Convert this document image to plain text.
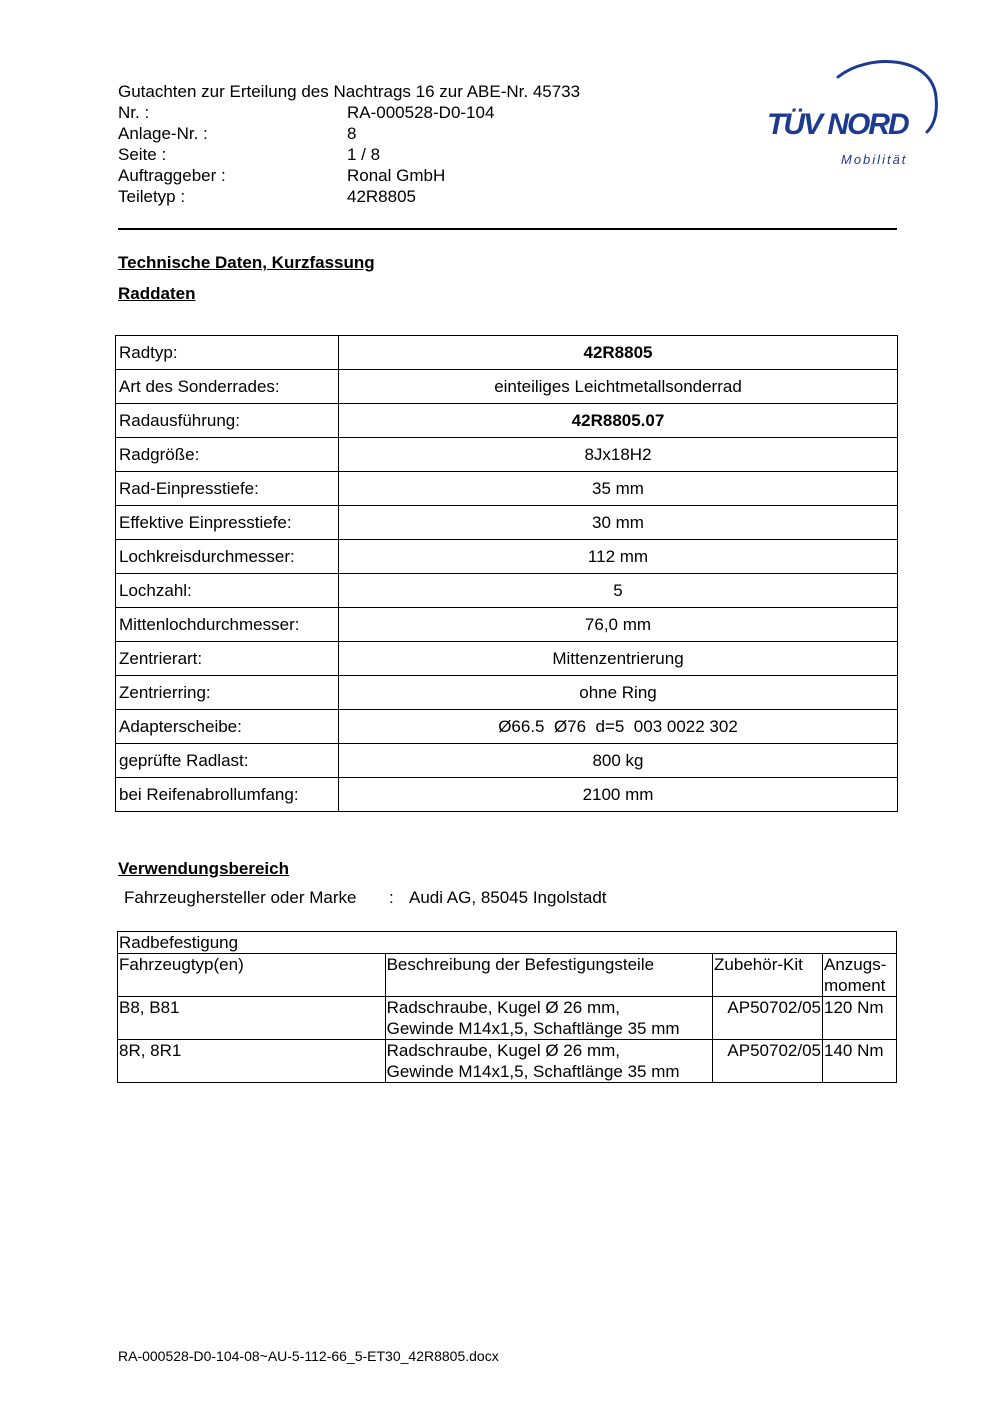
Gutachten zur Erteilung des Nachtrags 16 zur ABE-Nr. 45733
Nr. :	RA-000528-D0-104
Anlage-Nr. :	8
Seite :	1 / 8
Auftraggeber :	Ronal GmbH
Teiletyp :	42R8805
TÜV NORD
Mobilität
Technische Daten, Kurzfassung
Raddaten
Radtyp:	42R8805
Art des Sonderrades:	einteiliges Leichtmetallsonderrad
Radausführung:	42R8805.07
Radgröße:	8Jx18H2
Rad-Einpresstiefe:	35 mm
Effektive Einpresstiefe:	30 mm
Lochkreisdurchmesser:	112 mm
Lochzahl:	5
Mittenlochdurchmesser:	76,0 mm
Zentrierart:	Mittenzentrierung
Zentrierring:	ohne Ring
Adapterscheibe:	Ø66.5  Ø76  d=5  003 0022 302
geprüfte Radlast:	800 kg
bei Reifenabrollumfang:	2100 mm
Verwendungsbereich
Fahrzeughersteller oder Marke	: Audi AG, 85045 Ingolstadt
Radbefestigung			
Fahrzeugtyp(en)	Beschreibung der Befestigungsteile	Zubehör-Kit	Anzugs-
moment

B8, B81	Radschraube, Kugel Ø 26 mm,
Gewinde M14x1,5, Schaftlänge 35 mm	AP50702/05	120 Nm
8R, 8R1	Radschraube, Kugel Ø 26 mm,
Gewinde M14x1,5, Schaftlänge 35 mm	AP50702/05	140 Nm
RA-000528-D0-104-08~AU-5-112-66_5-ET30_42R8805.docx
